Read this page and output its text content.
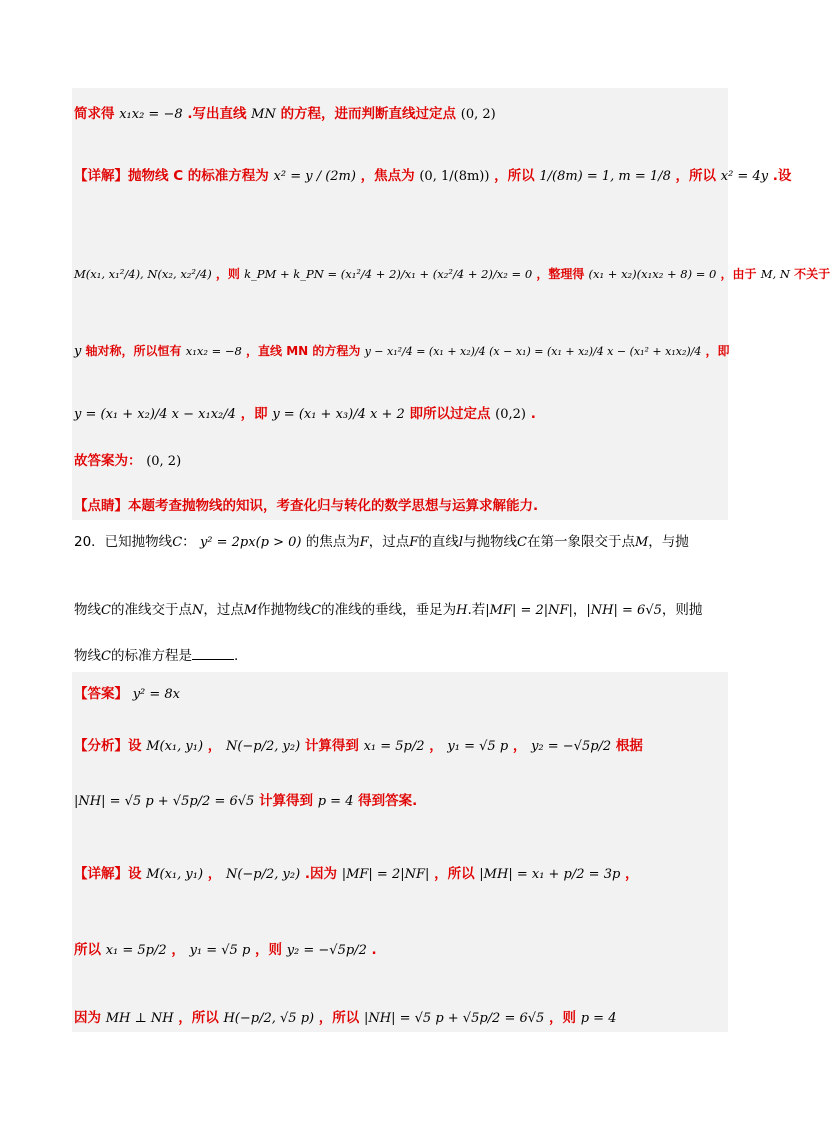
简求得 x₁x₂ = −8 .写出直线 MN 的方程，进而判断直线过定点 (0, 2)
【详解】抛物线 C 的标准方程为 x² = y / (2m) ，焦点为 (0, 1/(8m)) ，所以 1/(8m) = 1, m = 1/8 ，所以 x² = 4y .设
M(x₁, x₁²/4), N(x₂, x₂²/4) ，则 k_PM + k_PN = (x₁²/4 + 2)/x₁ + (x₂²/4 + 2)/x₂ = 0 ，整理得 (x₁ + x₂)(x₁x₂ + 8) = 0 ，由于 M, N 不关于
y 轴对称，所以恒有 x₁x₂ = −8 ，直线 MN 的方程为 y − x₁²/4 = (x₁ + x₂)/4 (x − x₁) = (x₁ + x₂)/4 x − (x₁² + x₁x₂)/4 ，即
y = (x₁ + x₂)/4 x − x₁x₂/4 ，即 y = (x₁ + x₃)/4 x + 2 即所以过定点 (0,2) .
故答案为： (0, 2)
【点睛】本题考查抛物线的知识，考查化归与转化的数学思想与运算求解能力.
20．已知抛物线C： y² = 2px(p > 0) 的焦点为F，过点F的直线l与抛物线C在第一象限交于点M，与抛
物线C的准线交于点N，过点M作抛物线C的准线的垂线，垂足为H.若|MF| = 2|NF|，|NH| = 6√5，则抛
物线C的标准方程是	.
【答案】 y² = 8x
【分析】设 M(x₁, y₁) ， N(−p/2, y₂) 计算得到 x₁ = 5p/2 ， y₁ = √5 p ， y₂ = −√5p/2 根据
|NH| = √5 p + √5p/2 = 6√5 计算得到 p = 4 得到答案.
【详解】设 M(x₁, y₁) ， N(−p/2, y₂) .因为 |MF| = 2|NF| ，所以 |MH| = x₁ + p/2 = 3p ，
所以 x₁ = 5p/2 ， y₁ = √5 p ，则 y₂ = −√5p/2 .
因为 MH ⊥ NH ，所以 H(−p/2, √5 p) ，所以 |NH| = √5 p + √5p/2 = 6√5 ，则 p = 4
